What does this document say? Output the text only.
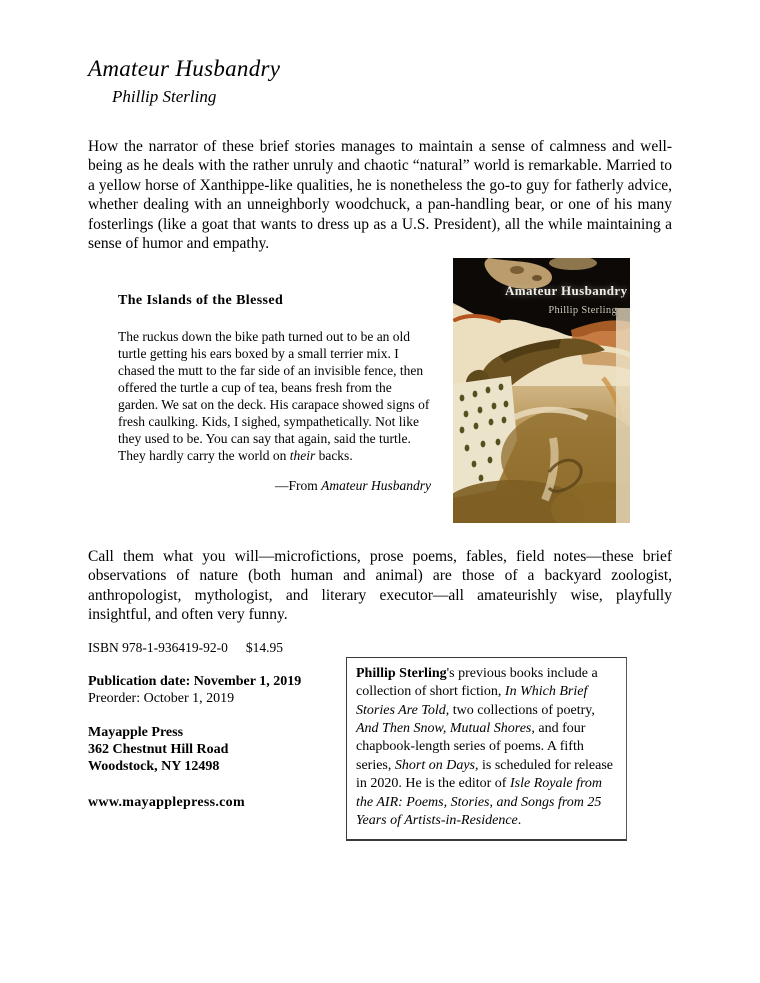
Amateur Husbandry
Phillip Sterling

How the narrator of these brief stories manages to maintain a sense of calmness and well-being as he deals with the rather unruly and chaotic “natural” world is remarkable. Married to a yellow horse of Xanthippe-like qualities, he is nonetheless the go-to guy for fatherly advice, whether dealing with an unneighborly woodchuck, a pan-handling bear, or one of his many fosterlings (like a goat that wants to dress up as a U.S. President), all the while maintaining a sense of humor and empathy.

The Islands of the Blessed

The ruckus down the bike path turned out to be an old turtle getting his ears boxed by a small terrier mix. I chased the mutt to the far side of an invisible fence, then offered the turtle a cup of tea, beans fresh from the garden. We sat on the deck. His carapace showed signs of fresh caulking. Kids, I sighed, sympathetically. Not like they used to be. You can say that again, said the turtle. They hardly carry the world on their backs.

—From Amateur Husbandry
Amateur Husbandry
Phillip Sterling

Call them what you will—microfictions, prose poems, fables, field notes—these brief observations of nature (both human and animal) are those of a backyard zoologist, anthropologist, mythologist, and literary executor—all amateurishly wise, playfully insightful, and often very funny.

ISBN 978-1-936419-92-0 $14.95
Publication date: November 1, 2019
Preorder: October 1, 2019
Mayapple Press
362 Chestnut Hill Road
Woodstock, NY 12498
www.mayapplepress.com
Phillip Sterling's previous books include a collection of short fiction, In Which Brief Stories Are Told, two collections of poetry, And Then Snow, Mutual Shores, and four chapbook-length series of poems. A fifth series, Short on Days, is scheduled for release in 2020. He is the editor of Isle Royale from the AIR: Poems, Stories, and Songs from 25 Years of Artists-in-Residence.
